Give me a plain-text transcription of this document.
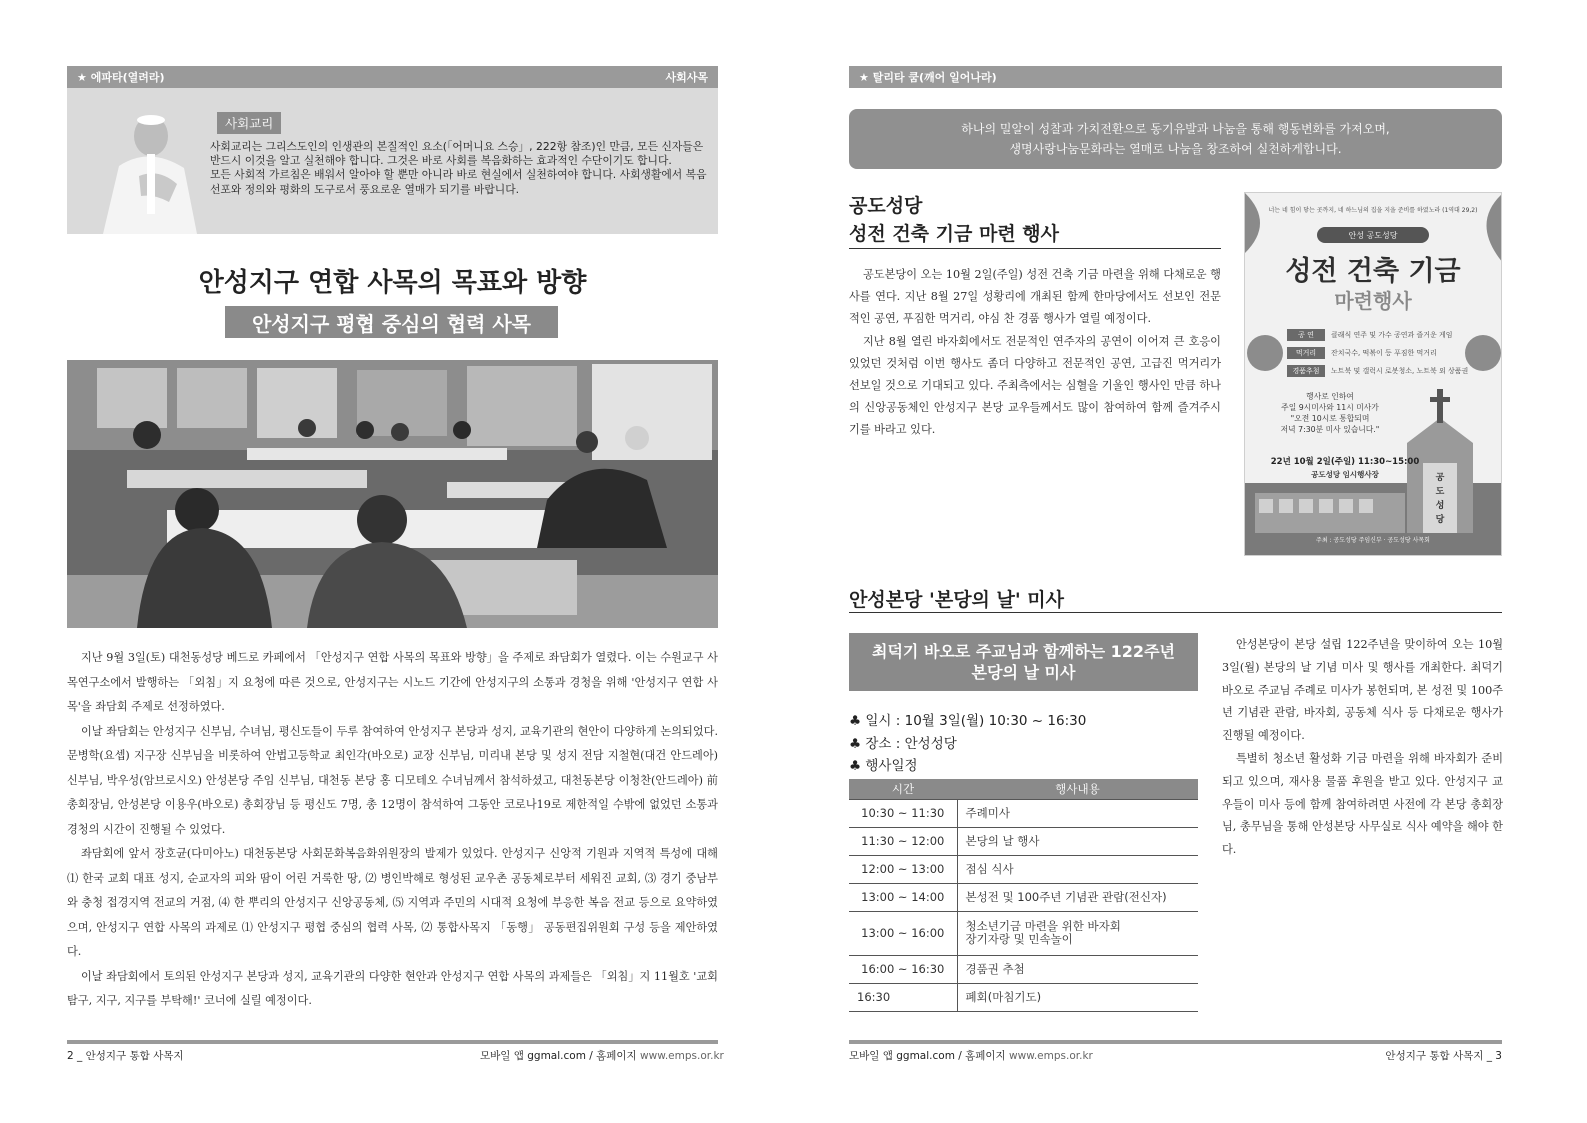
★ 에파타(열려라)	사회사목
사회교리
사회교리는 그리스도인의 인생관의 본질적인 요소(「어머니요 스승」, 222항 참조)인 만큼, 모든 신자들은 반드시 이것을 알고 실천해야 합니다. 그것은 바로 사회를 복음화하는 효과적인 수단이기도 합니다.
모든 사회적 가르침은 배워서 알아야 할 뿐만 아니라 바로 현실에서 실천하여야 합니다. 사회생활에서 복음 선포와 정의와 평화의 도구로서 풍요로운 열매가 되기를 바랍니다.
안성지구 연합 사목의 목표와 방향
안성지구 평협 중심의 협력 사목

지난 9월 3일(토) 대천동성당 베드로 카페에서 「안성지구 연합 사목의 목표와 방향」을 주제로 좌담회가 열렸다. 이는 수원교구 사목연구소에서 발행하는 「외침」지 요청에 따른 것으로, 안성지구는 시노드 기간에 안성지구의 소통과 경청을 위해 '안성지구 연합 사목'을 좌담회 주제로 선정하였다.

이날 좌담회는 안성지구 신부님, 수녀님, 평신도들이 두루 참여하여 안성지구 본당과 성지, 교육기관의 현안이 다양하게 논의되었다. 문병학(요셉) 지구장 신부님을 비롯하여 안법고등학교 최인각(바오로) 교장 신부님, 미리내 본당 및 성지 전담 지철현(대건 안드레아) 신부님, 박우성(암브로시오) 안성본당 주임 신부님, 대천동 본당 홍 디모테오 수녀님께서 참석하셨고, 대천동본당 이청찬(안드레아) 前총회장님, 안성본당 이용우(바오로) 총회장님 등 평신도 7명, 총 12명이 참석하여 그동안 코로나19로 제한적일 수밖에 없었던 소통과 경청의 시간이 진행될 수 있었다.

좌담회에 앞서 장호균(다미아노) 대천동본당 사회문화복음화위원장의 발제가 있었다. 안성지구 신앙적 기원과 지역적 특성에 대해 ⑴ 한국 교회 대표 성지, 순교자의 피와 땀이 어린 거룩한 땅, ⑵ 병인박해로 형성된 교우촌 공동체로부터 세워진 교회, ⑶ 경기 중남부와 충청 접경지역 전교의 거점, ⑷ 한 뿌리의 안성지구 신앙공동체, ⑸ 지역과 주민의 시대적 요청에 부응한 복음 전교 등으로 요약하였으며, 안성지구 연합 사목의 과제로 ⑴ 안성지구 평협 중심의 협력 사목, ⑵ 통합사목지 「동행」 공동편집위원회 구성 등을 제안하였다.

이날 좌담회에서 토의된 안성지구 본당과 성지, 교육기관의 다양한 현안과 안성지구 연합 사목의 과제들은 「외침」지 11월호 '교회탐구, 지구, 지구를 부탁해!' 코너에 실릴 예정이다.

2 _ 안성지구 통합 사목지	모바일 앱 ggmal.com / 홈페이지 www.emps.or.kr
★ 탈리타 쿰(깨어 일어나라)
하나의 밀알이 성찰과 가치전환으로 동기유발과 나눔을 통해 행동변화를 가져오며,
생명사랑나눔문화라는 열매로 나눔을 창조하여 실천하게합니다.
공도성당
성전 건축 기금 마련 행사

공도본당이 오는 10월 2일(주일) 성전 건축 기금 마련을 위해 다채로운 행사를 연다. 지난 8월 27일 성황리에 개최된 함께 한마당에서도 선보인 전문적인 공연, 푸짐한 먹거리, 야심 찬 경품 행사가 열릴 예정이다.

지난 8월 열린 바자회에서도 전문적인 연주자의 공연이 이어져 큰 호응이 있었던 것처럼 이번 행사도 좀더 다양하고 전문적인 공연, 고급진 먹거리가 선보일 것으로 기대되고 있다. 주최측에서는 심혈을 기울인 행사인 만큼 하나의 신앙공동체인 안성지구 본당 교우들께서도 많이 참여하여 함께 즐겨주시기를 바라고 있다.

너는 네 힘이 닿는 곳까지, 네 하느님의 집을 지을 준비를 하였노라 (1역대 29,2)
안성 공도성당
성전 건축 기금
마련행사
공 연	클래식 연주 및 가수 공연과 즐거운 게임
먹거리	잔치국수, 떡볶이 등 푸짐한 먹거리
경품추첨	노트북 및 갤럭시 로봇청소, 노트북 외 상품권
행사로 인하여
주일 9시미사와 11시 미사가
"오전 10시로 통합되며
저녁 7:30분 미사 있습니다."
22년 10월 2일(주일) 11:30~15:00
공도성당 임시행사장	공
도
성
당
주최 : 공도성당 주임신부 · 공도성당 사목회
안성본당 '본당의 날' 미사
최덕기 바오로 주교님과 함께하는 122주년
본당의 날 미사
♣ 일시 : 10월 3일(월) 10:30 ~ 16:30
♣ 장소 : 안성성당
♣ 행사일정
시간	행사내용
10:30 ~ 11:30	주례미사
11:30 ~ 12:00	본당의 날 행사
12:00 ~ 13:00	점심 식사
13:00 ~ 14:00	본성전 및 100주년 기념관 관람(전신자)
13:00 ~ 16:00	청소년기금 마련을 위한 바자회
장기자랑 및 민속놀이

16:00 ~ 16:30	경품권 추첨
16:30	폐회(마침기도)

안성본당이 본당 설립 122주년을 맞이하여 오는 10월 3일(월) 본당의 날 기념 미사 및 행사를 개최한다. 최덕기 바오로 주교님 주례로 미사가 봉헌되며, 본 성전 및 100주년 기념관 관람, 바자회, 공동체 식사 등 다채로운 행사가 진행될 예정이다.

특별히 청소년 활성화 기금 마련을 위해 바자회가 준비되고 있으며, 재사용 물품 후원을 받고 있다. 안성지구 교우들이 미사 등에 함께 참여하려면 사전에 각 본당 총회장님, 총무님을 통해 안성본당 사무실로 식사 예약을 해야 한다.

모바일 앱 ggmal.com / 홈페이지 www.emps.or.kr	안성지구 통합 사목지 _ 3
